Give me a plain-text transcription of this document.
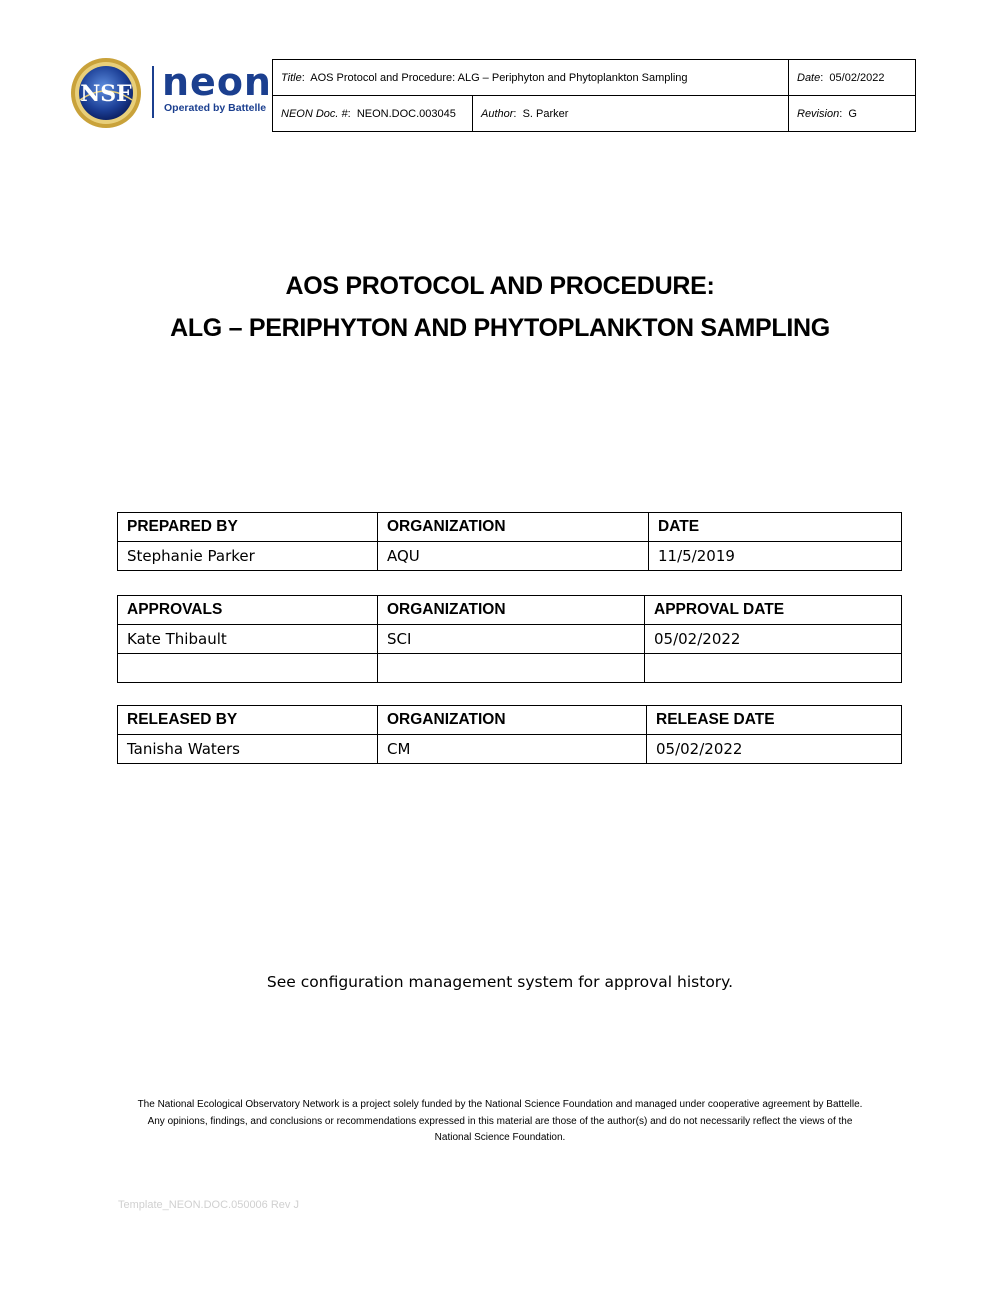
NSF neon
Operated by Battelle
Title:  AOS Protocol and Procedure: ALG – Periphyton and Phytoplankton Sampling		Date:  05/02/2022
NEON Doc. #:  NEON.DOC.003045	Author:  S. Parker	Revision:  G
AOS PROTOCOL AND PROCEDURE:
ALG – PERIPHYTON AND PHYTOPLANKTON SAMPLING
PREPARED BY	ORGANIZATION	DATE
Stephanie Parker	AQU	11/5/2019
APPROVALS	ORGANIZATION	APPROVAL DATE
Kate Thibault	SCI	05/02/2022

RELEASED BY	ORGANIZATION	RELEASE DATE
Tanisha Waters	CM	05/02/2022
See configuration management system for approval history.
The National Ecological Observatory Network is a project solely funded by the National Science Foundation and managed under cooperative agreement by Battelle.
Any opinions, findings, and conclusions or recommendations expressed in this material are those of the author(s) and do not necessarily reflect the views of the
National Science Foundation.
Template_NEON.DOC.050006 Rev J
